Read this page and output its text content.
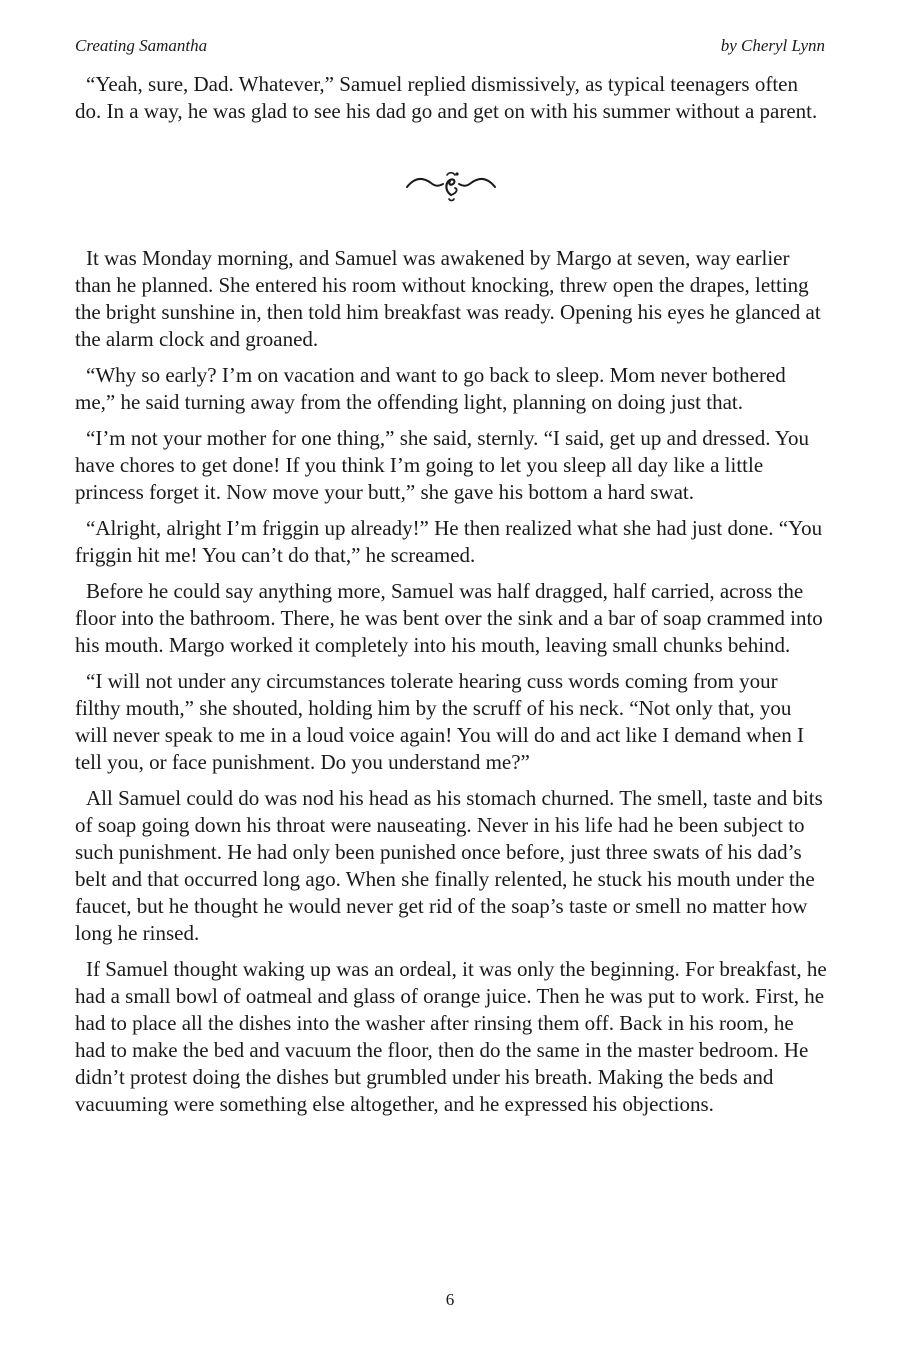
Creating Samantha	by Cheryl Lynn

“Yeah, sure, Dad. Whatever,” Samuel replied dismissively, as typical teenagers often do. In a way, he was glad to see his dad go and get on with his summer without a parent.

It was Monday morning, and Samuel was awakened by Margo at seven, way earlier than he planned. She entered his room without knocking, threw open the drapes, letting the bright sunshine in, then told him breakfast was ready. Opening his eyes he glanced at the alarm clock and groaned.

“Why so early? I’m on vacation and want to go back to sleep. Mom never bothered me,” he said turning away from the offending light, planning on doing just that.

“I’m not your mother for one thing,” she said, sternly. “I said, get up and dressed. You have chores to get done! If you think I’m going to let you sleep all day like a little princess forget it. Now move your butt,” she gave his bottom a hard swat.

“Alright, alright I’m friggin up already!” He then realized what she had just done. “You friggin hit me! You can’t do that,” he screamed.

Before he could say anything more, Samuel was half dragged, half carried, across the floor into the bathroom. There, he was bent over the sink and a bar of soap crammed into his mouth. Margo worked it completely into his mouth, leaving small chunks behind.

“I will not under any circumstances tolerate hearing cuss words coming from your filthy mouth,” she shouted, holding him by the scruff of his neck. “Not only that, you will never speak to me in a loud voice again! You will do and act like I demand when I tell you, or face punishment. Do you understand me?”

All Samuel could do was nod his head as his stomach churned. The smell, taste and bits of soap going down his throat were nauseating. Never in his life had he been subject to such punishment. He had only been punished once before, just three swats of his dad’s belt and that occurred long ago. When she finally relented, he stuck his mouth under the faucet, but he thought he would never get rid of the soap’s taste or smell no matter how long he rinsed.

If Samuel thought waking up was an ordeal, it was only the beginning. For breakfast, he had a small bowl of oatmeal and glass of orange juice. Then he was put to work. First, he had to place all the dishes into the washer after rinsing them off. Back in his room, he had to make the bed and vacuum the floor, then do the same in the master bedroom. He didn’t protest doing the dishes but grumbled under his breath. Making the beds and vacuuming were something else altogether, and he expressed his objections.

6
